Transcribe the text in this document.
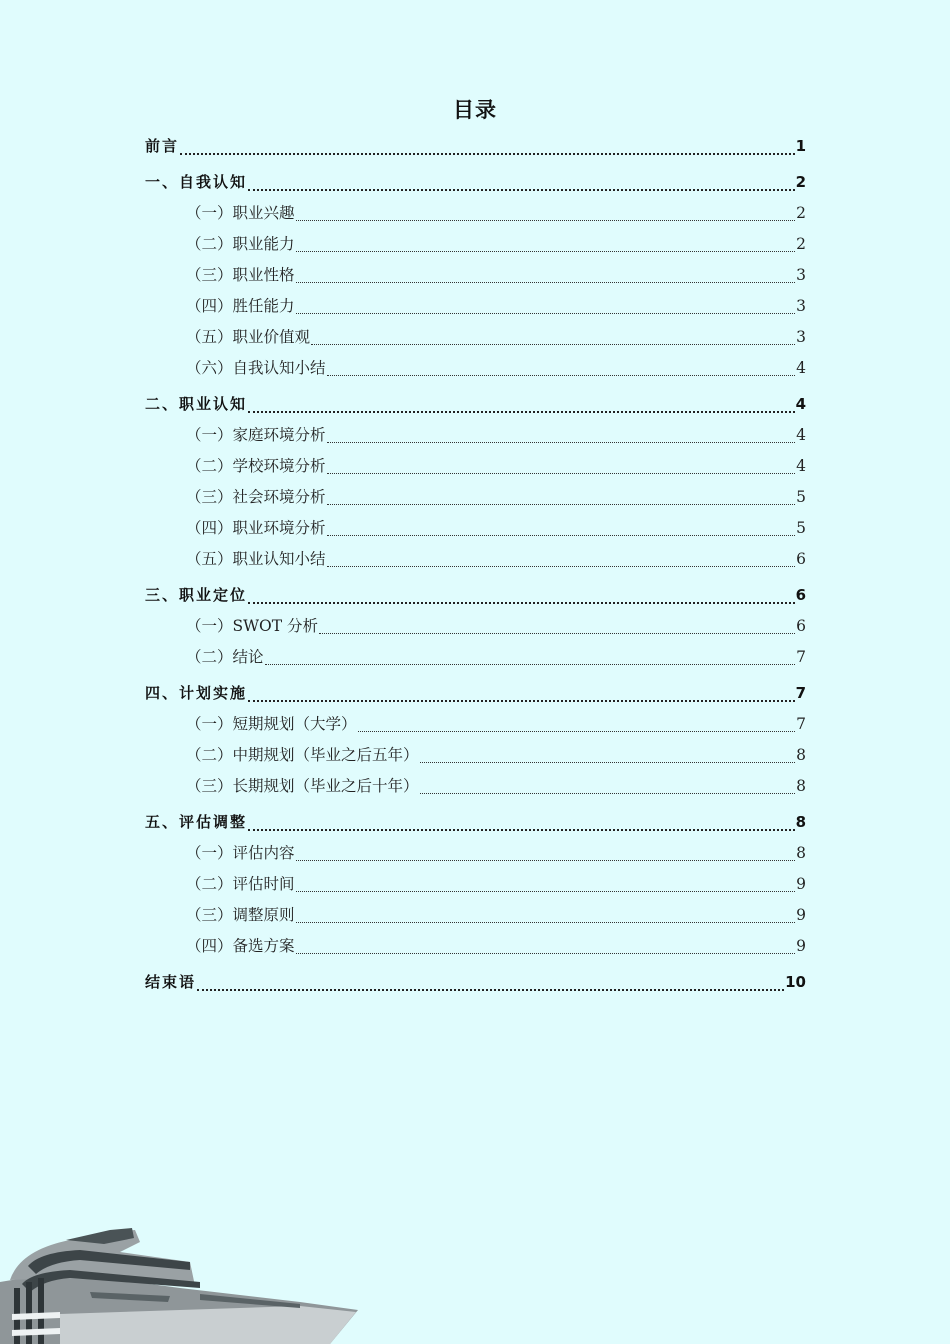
目录
前言	1
一、自我认知	2
（一）职业兴趣	2
（二）职业能力	2
（三）职业性格	3
（四）胜任能力	3
（五）职业价值观	3
（六）自我认知小结	4
二、职业认知	4
（一）家庭环境分析	4
（二）学校环境分析	4
（三）社会环境分析	5
（四）职业环境分析	5
（五）职业认知小结	6
三、职业定位	6
（一）SWOT 分析	6
（二）结论	7
四、计划实施	7
（一）短期规划（大学）	7
（二）中期规划（毕业之后五年）	8
（三）长期规划（毕业之后十年）	8
五、评估调整	8
（一）评估内容	8
（二）评估时间	9
（三）调整原则	9
（四）备选方案	9
结束语	10
